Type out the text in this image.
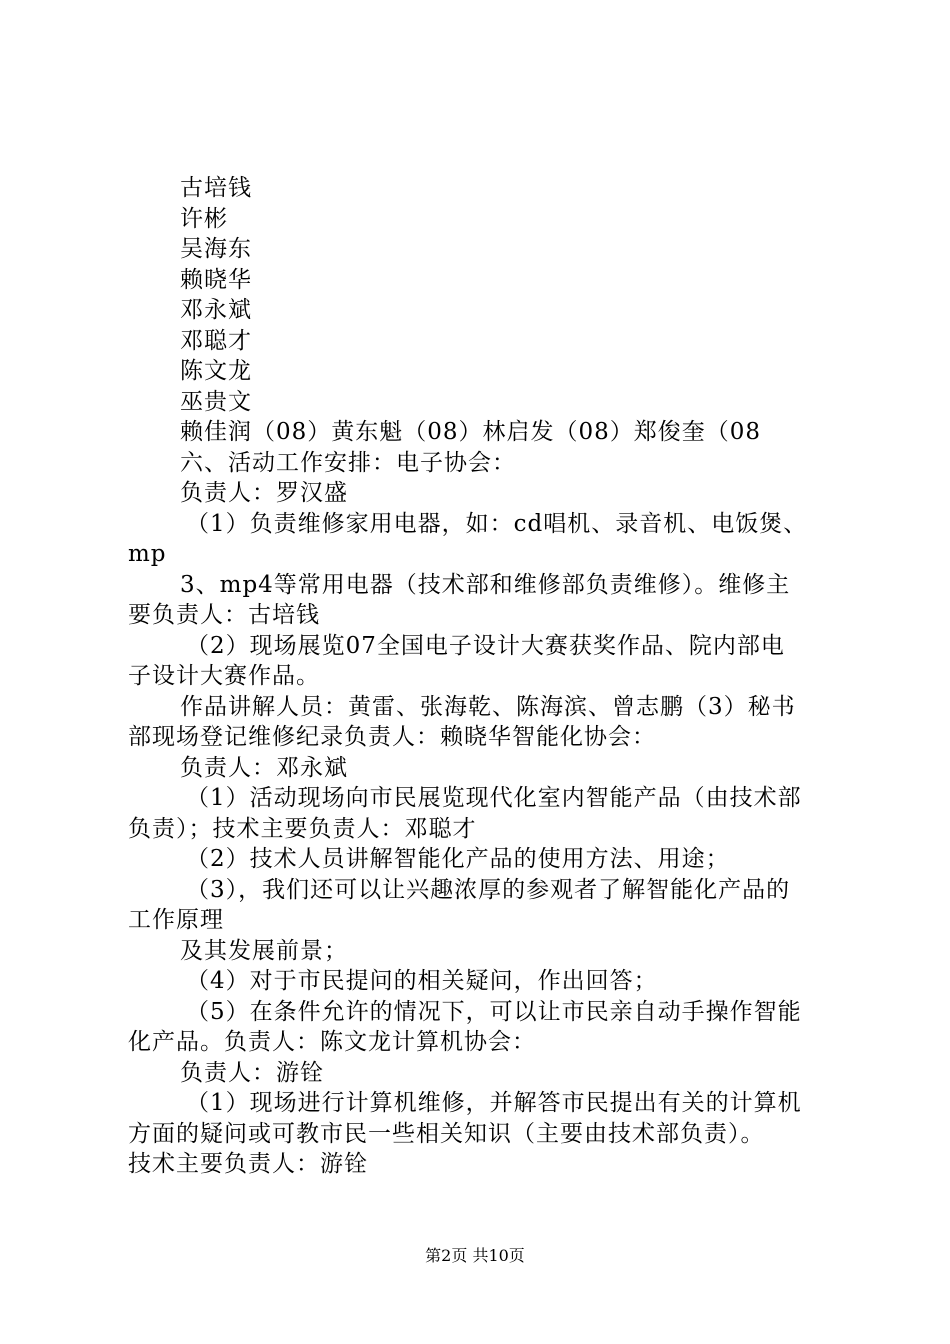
古培钱
许彬
吴海东
赖晓华
邓永斌
邓聪才
陈文龙
巫贵文
赖佳润（08）黄东魁（08）林启发（08）郑俊奎（08
六、活动工作安排：电子协会：
负责人：罗汉盛
（1）负责维修家用电器，如：cd唱机、录音机、电饭煲、
mp
3、mp4等常用电器（技术部和维修部负责维修）。维修主
要负责人：古培钱
（2）现场展览07全国电子设计大赛获奖作品、院内部电
子设计大赛作品。
作品讲解人员：黄雷、张海乾、陈海滨、曾志鹏（3）秘书
部现场登记维修纪录负责人：赖晓华智能化协会：
负责人：邓永斌
（1）活动现场向市民展览现代化室内智能产品（由技术部
负责）；技术主要负责人：邓聪才
（2）技术人员讲解智能化产品的使用方法、用途；
（3），我们还可以让兴趣浓厚的参观者了解智能化产品的
工作原理
及其发展前景；
（4）对于市民提问的相关疑问，作出回答；
（5）在条件允许的情况下，可以让市民亲自动手操作智能
化产品。负责人：陈文龙计算机协会：
负责人：游铨
（1）现场进行计算机维修，并解答市民提出有关的计算机
方面的疑问或可教市民一些相关知识（主要由技术部负责）。
技术主要负责人：游铨
第2页 共10页
